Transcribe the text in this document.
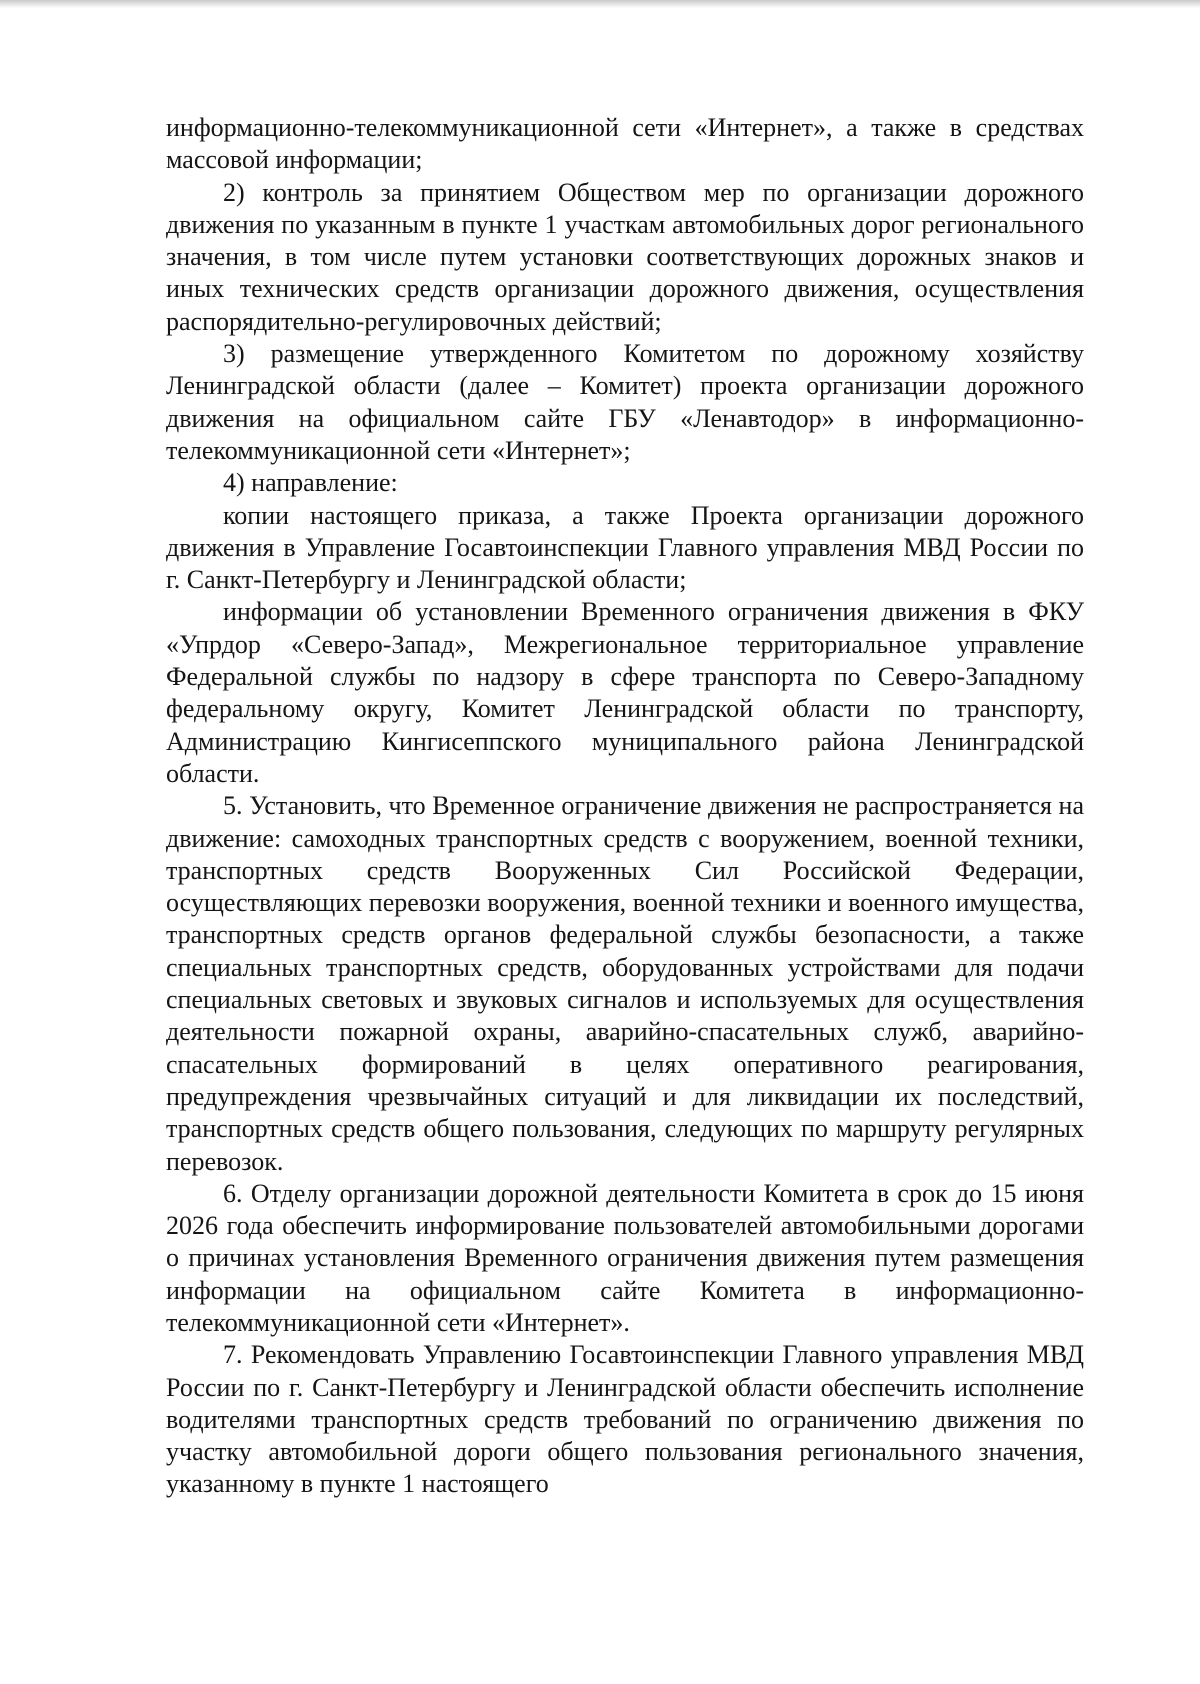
информационно-телекоммуникационной сети «Интернет», а также в средствах массовой информации;

2) контроль за принятием Обществом мер по организации дорожного движения по указанным в пункте 1 участкам автомобильных дорог регионального значения, в том числе путем установки соответствующих дорожных знаков и иных технических средств организации дорожного движения, осуществления распорядительно-регулировочных действий;

3) размещение утвержденного Комитетом по дорожному хозяйству Ленинградской области (далее – Комитет) проекта организации дорожного движения на официальном сайте ГБУ «Ленавтодор» в информационно-телекоммуникационной сети «Интернет»;

4) направление:

копии настоящего приказа, а также Проекта организации дорожного движения в Управление Госавтоинспекции Главного управления МВД России по г. Санкт-Петербургу и Ленинградской области;

информации об установлении Временного ограничения движения в ФКУ «Упрдор «Северо-Запад», Межрегиональное территориальное управление Федеральной службы по надзору в сфере транспорта по Северо-Западному федеральному округу, Комитет Ленинградской области по транспорту, Администрацию Кингисеппского муниципального района Ленинградской области.

5. Установить, что Временное ограничение движения не распространяется на движение: самоходных транспортных средств с вооружением, военной техники, транспортных средств Вооруженных Сил Российской Федерации, осуществляющих перевозки вооружения, военной техники и военного имущества, транспортных средств органов федеральной службы безопасности, а также специальных транспортных средств, оборудованных устройствами для подачи специальных световых и звуковых сигналов и используемых для осуществления деятельности пожарной охраны, аварийно-спасательных служб, аварийно-спасательных формирований в целях оперативного реагирования, предупреждения чрезвычайных ситуаций и для ликвидации их последствий, транспортных средств общего пользования, следующих по маршруту регулярных перевозок.

6. Отделу организации дорожной деятельности Комитета в срок до 15 июня 2026 года обеспечить информирование пользователей автомобильными дорогами о причинах установления Временного ограничения движения путем размещения информации на официальном сайте Комитета в информационно-телекоммуникационной сети «Интернет».

7. Рекомендовать Управлению Госавтоинспекции Главного управления МВД России по г. Санкт-Петербургу и Ленинградской области обеспечить исполнение водителями транспортных средств требований по ограничению движения по участку автомобильной дороги общего пользования регионального значения, указанному в пункте 1 настоящего
